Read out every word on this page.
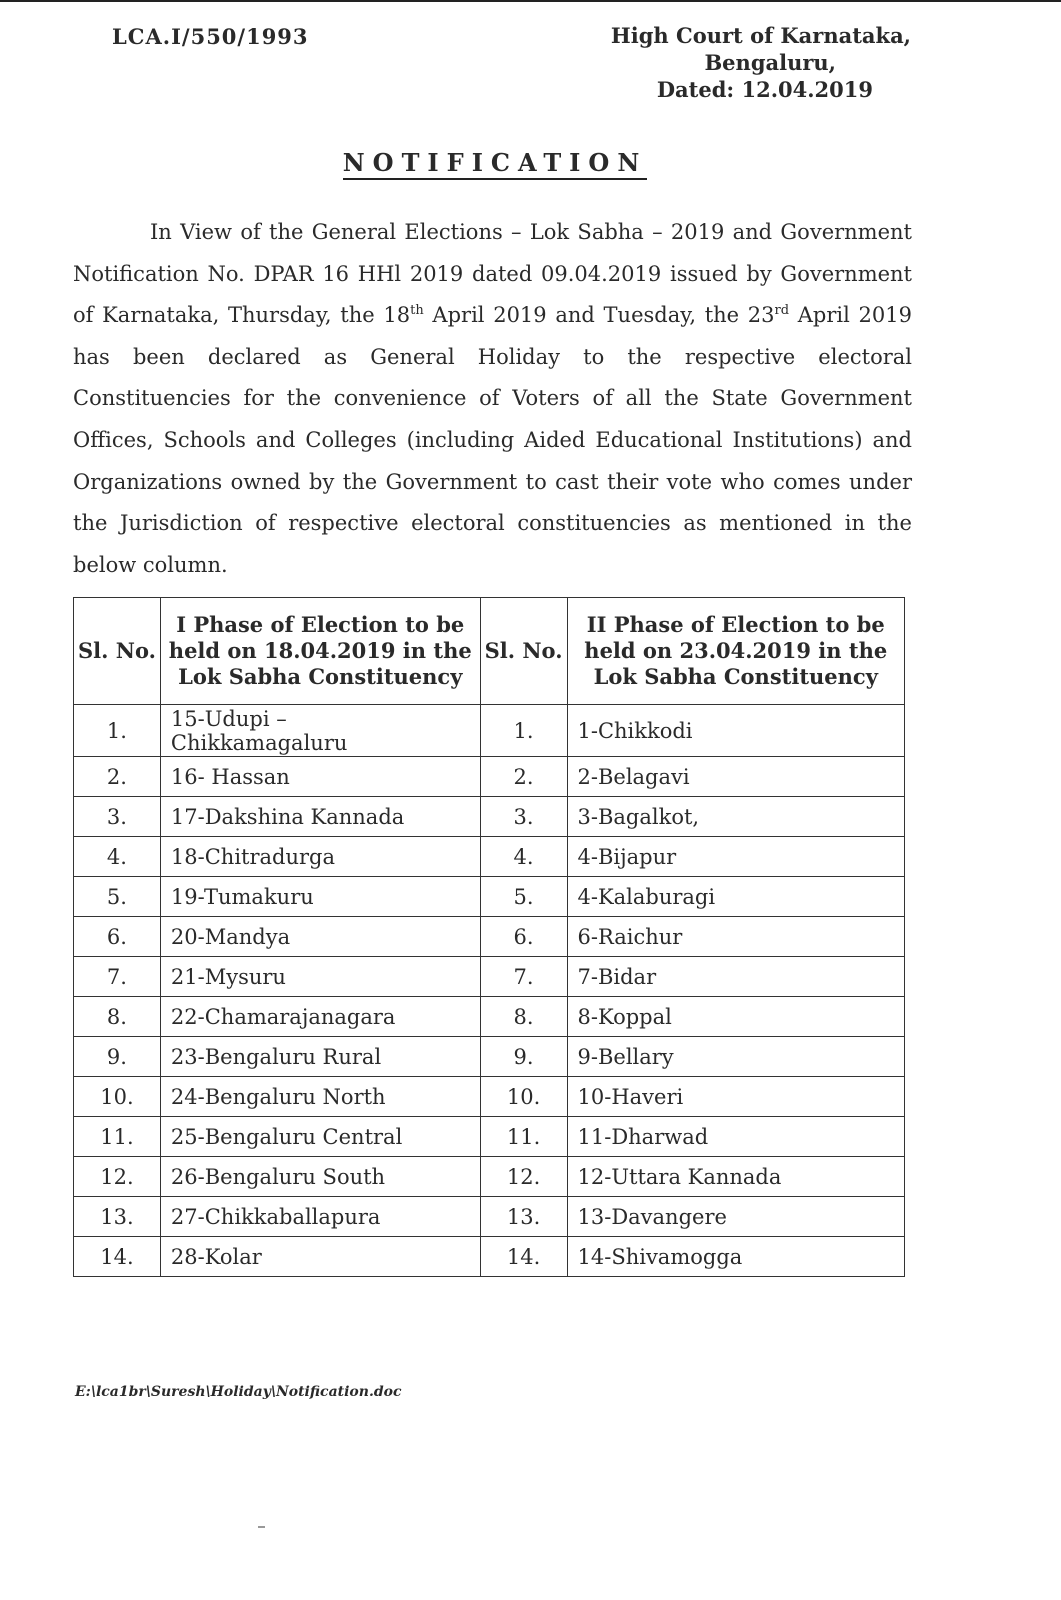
LCA.I/550/1993	High Court of Karnataka,
Bengaluru,
Dated: 12.04.2019
NOTIFICATION
In View of the General Elections – Lok Sabha – 2019 and Government Notification No. DPAR 16 HHl 2019 dated 09.04.2019 issued by Government of Karnataka, Thursday, the 18th April 2019 and Tuesday, the 23rd April 2019 has been declared as General Holiday to the respective electoral Constituencies for the convenience of Voters of all the State Government Offices, Schools and Colleges (including Aided Educational Institutions) and Organizations owned by the Government to cast their vote who comes under the Jurisdiction of respective electoral constituencies as mentioned in the below column.
Sl. No.	I Phase of Election to be held on 18.04.2019 in the Lok Sabha Constituency	Sl. No.	II Phase of Election to be held on 23.04.2019 in the Lok Sabha Constituency
1.	15-Udupi – Chikkamagaluru	1.	1-Chikkodi
2.	16- Hassan	2.	2-Belagavi
3.	17-Dakshina Kannada	3.	3-Bagalkot,
4.	18-Chitradurga	4.	4-Bijapur
5.	19-Tumakuru	5.	4-Kalaburagi
6.	20-Mandya	6.	6-Raichur
7.	21-Mysuru	7.	7-Bidar
8.	22-Chamarajanagara	8.	8-Koppal
9.	23-Bengaluru Rural	9.	9-Bellary
10.	24-Bengaluru North	10.	10-Haveri
11.	25-Bengaluru Central	11.	11-Dharwad
12.	26-Bengaluru South	12.	12-Uttara Kannada
13.	27-Chikkaballapura	13.	13-Davangere
14.	28-Kolar	14.	14-Shivamogga
E:\lca1br\Suresh\Holiday\Notification.doc
